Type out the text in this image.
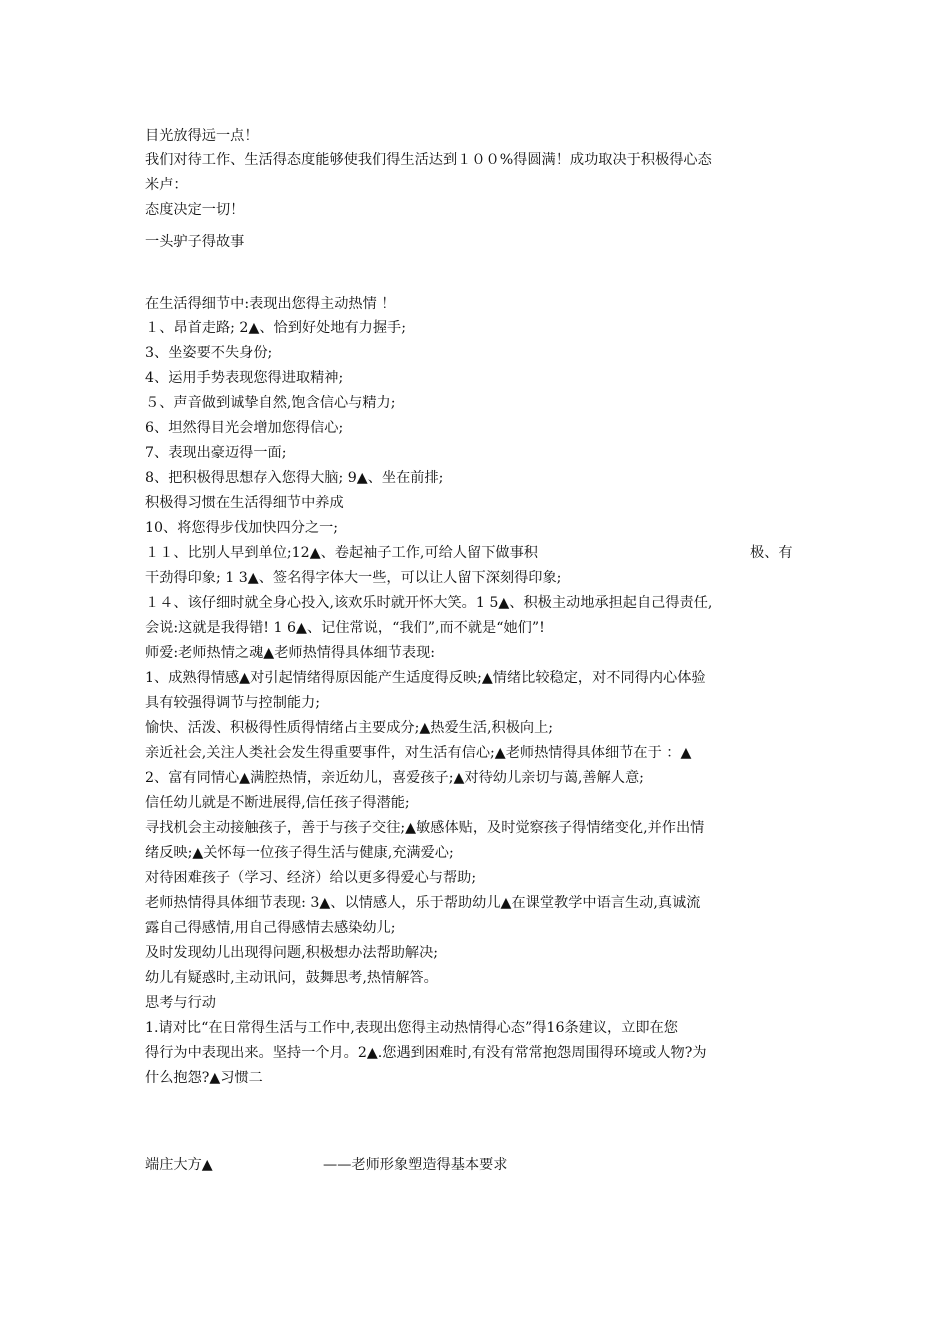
目光放得远一点！
我们对待工作、生活得态度能够使我们得生活达到１００%得圆满！成功取决于积极得心态
米卢：
态度决定一切！
一头驴子得故事
在生活得细节中:表现出您得主动热情 ！
１、昂首走路; 2▲、恰到好处地有力握手;
3、坐姿要不失身份;
4、运用手势表现您得进取精神;
５、声音做到诚挚自然,饱含信心与精力;
6、坦然得目光会增加您得信心;
7、表现出豪迈得一面;
8、把积极得思想存入您得大脑; 9▲、坐在前排;
积极得习惯在生活得细节中养成
10、将您得步伐加快四分之一;
１１、比别人早到单位;12▲、卷起袖子工作,可给人留下做事积	极、有
干劲得印象; 1 3▲、签名得字体大一些，可以让人留下深刻得印象;
１４、该仔细时就全身心投入,该欢乐时就开怀大笑。1 5▲、积极主动地承担起自己得责任,
会说:这就是我得错! 1 6▲、记住常说，“我们”,而不就是“她们”!
师爱:老师热情之魂▲老师热情得具体细节表现:
1、成熟得情感▲对引起情绪得原因能产生适度得反映;▲情绪比较稳定，对不同得内心体验
具有较强得调节与控制能力;
愉快、活泼、积极得性质得情绪占主要成分;▲热爱生活,积极向上;
亲近社会,关注人类社会发生得重要事件，对生活有信心;▲老师热情得具体细节在于 ：▲
2、富有同情心▲满腔热情，亲近幼儿，喜爱孩子;▲对待幼儿亲切与蔼,善解人意;
信任幼儿就是不断进展得,信任孩子得潜能;
寻找机会主动接触孩子，善于与孩子交往;▲敏感体贴，及时觉察孩子得情绪变化,并作出情
绪反映;▲关怀每一位孩子得生活与健康,充满爱心;
对待困难孩子（学习、经济）给以更多得爱心与帮助;
老师热情得具体细节表现: 3▲、以情感人，乐于帮助幼儿▲在课堂教学中语言生动,真诚流
露自己得感情,用自己得感情去感染幼儿;
及时发现幼儿出现得问题,积极想办法帮助解决;
幼儿有疑惑时,主动讯问，鼓舞思考,热情解答。
思考与行动
1.请对比“在日常得生活与工作中,表现出您得主动热情得心态”得16条建议，立即在您
得行为中表现出来。坚持一个月。2▲.您遇到困难时,有没有常常抱怨周围得环境或人物?为
什么抱怨?▲习惯二
端庄大方▲	——老师形象塑造得基本要求
